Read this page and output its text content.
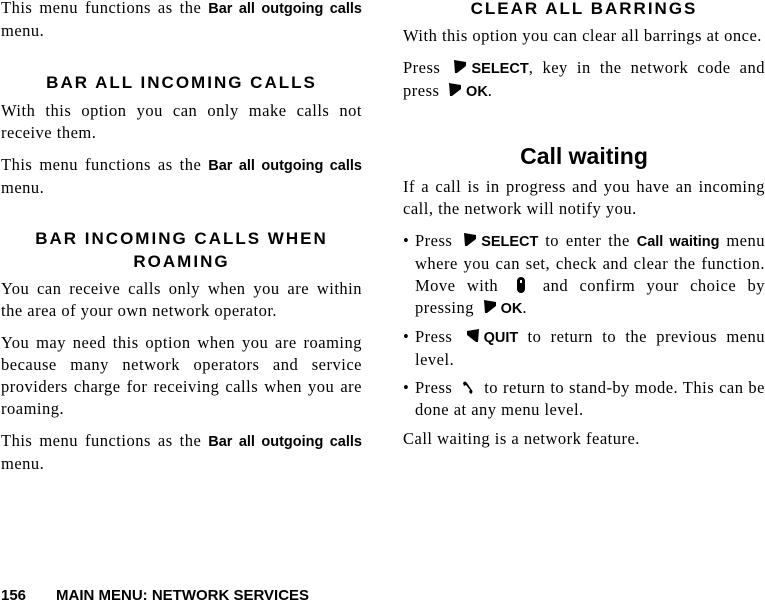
This menu functions as the Bar all outgoing calls menu.

BAR ALL INCOMING CALLS

With this option you can only make calls not receive them.

This menu functions as the Bar all outgoing calls menu.

BAR INCOMING CALLS WHEN ROAMING

You can receive calls only when you are within the area of your own network operator.

You may need this option when you are roaming because many network operators and service providers charge for receiving calls when you are roaming.

This menu functions as the Bar all outgoing calls menu.

CLEAR ALL BARRINGS

With this option you can clear all barrings at once.

Press SELECT, key in the network code and press OK.

Call waiting

If a call is in progress and you have an incoming call, the network will notify you.

• Press SELECT to enter the Call waiting menu where you can set, check and clear the function. Move with  and confirm your choice by pressing OK.
• Press QUIT to return to the previous menu level.
• Press  to return to stand-by mode. This can be done at any menu level.

Call waiting is a network feature.

156 MAIN MENU: NETWORK SERVICES
